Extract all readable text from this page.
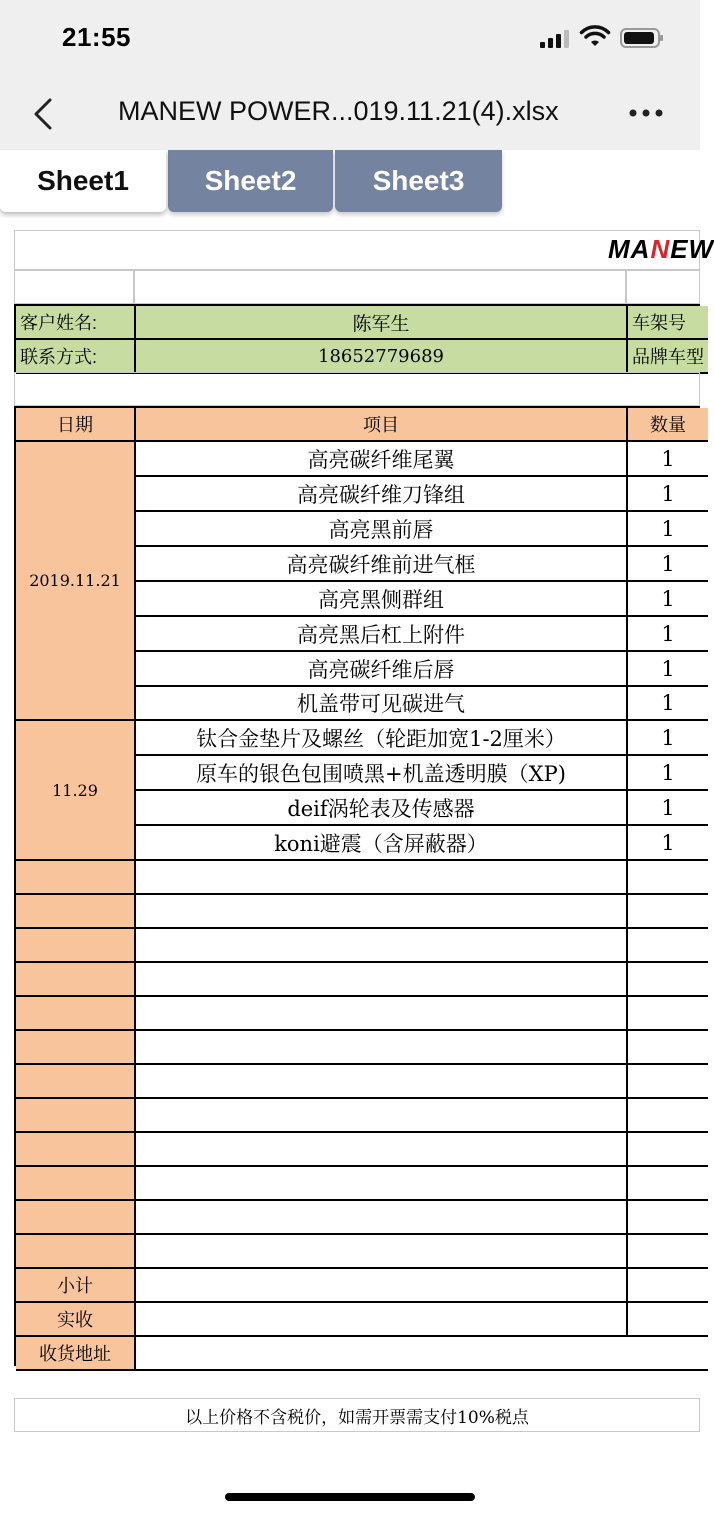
21:55
MANEW POWER...019.11.21(4).xlsx
Sheet1	Sheet2	Sheet3
MANEW
客户姓名:	陈军生	车架号
联系方式:	18652779689	品牌车型
日期	项目	数量
2019.11.21
高亮碳纤维尾翼	1
高亮碳纤维刀锋组	1
高亮黑前唇	1
高亮碳纤维前进气框	1
高亮黑侧群组	1
高亮黑后杠上附件	1
高亮碳纤维后唇	1
机盖带可见碳进气	1
11.29
钛合金垫片及螺丝（轮距加宽1-2厘米）	1
原车的银色包围喷黑+机盖透明膜（XP)	1
deif涡轮表及传感器	1
koni避震（含屏蔽器）	1
小计
实收
收货地址
以上价格不含税价，如需开票需支付10%税点
